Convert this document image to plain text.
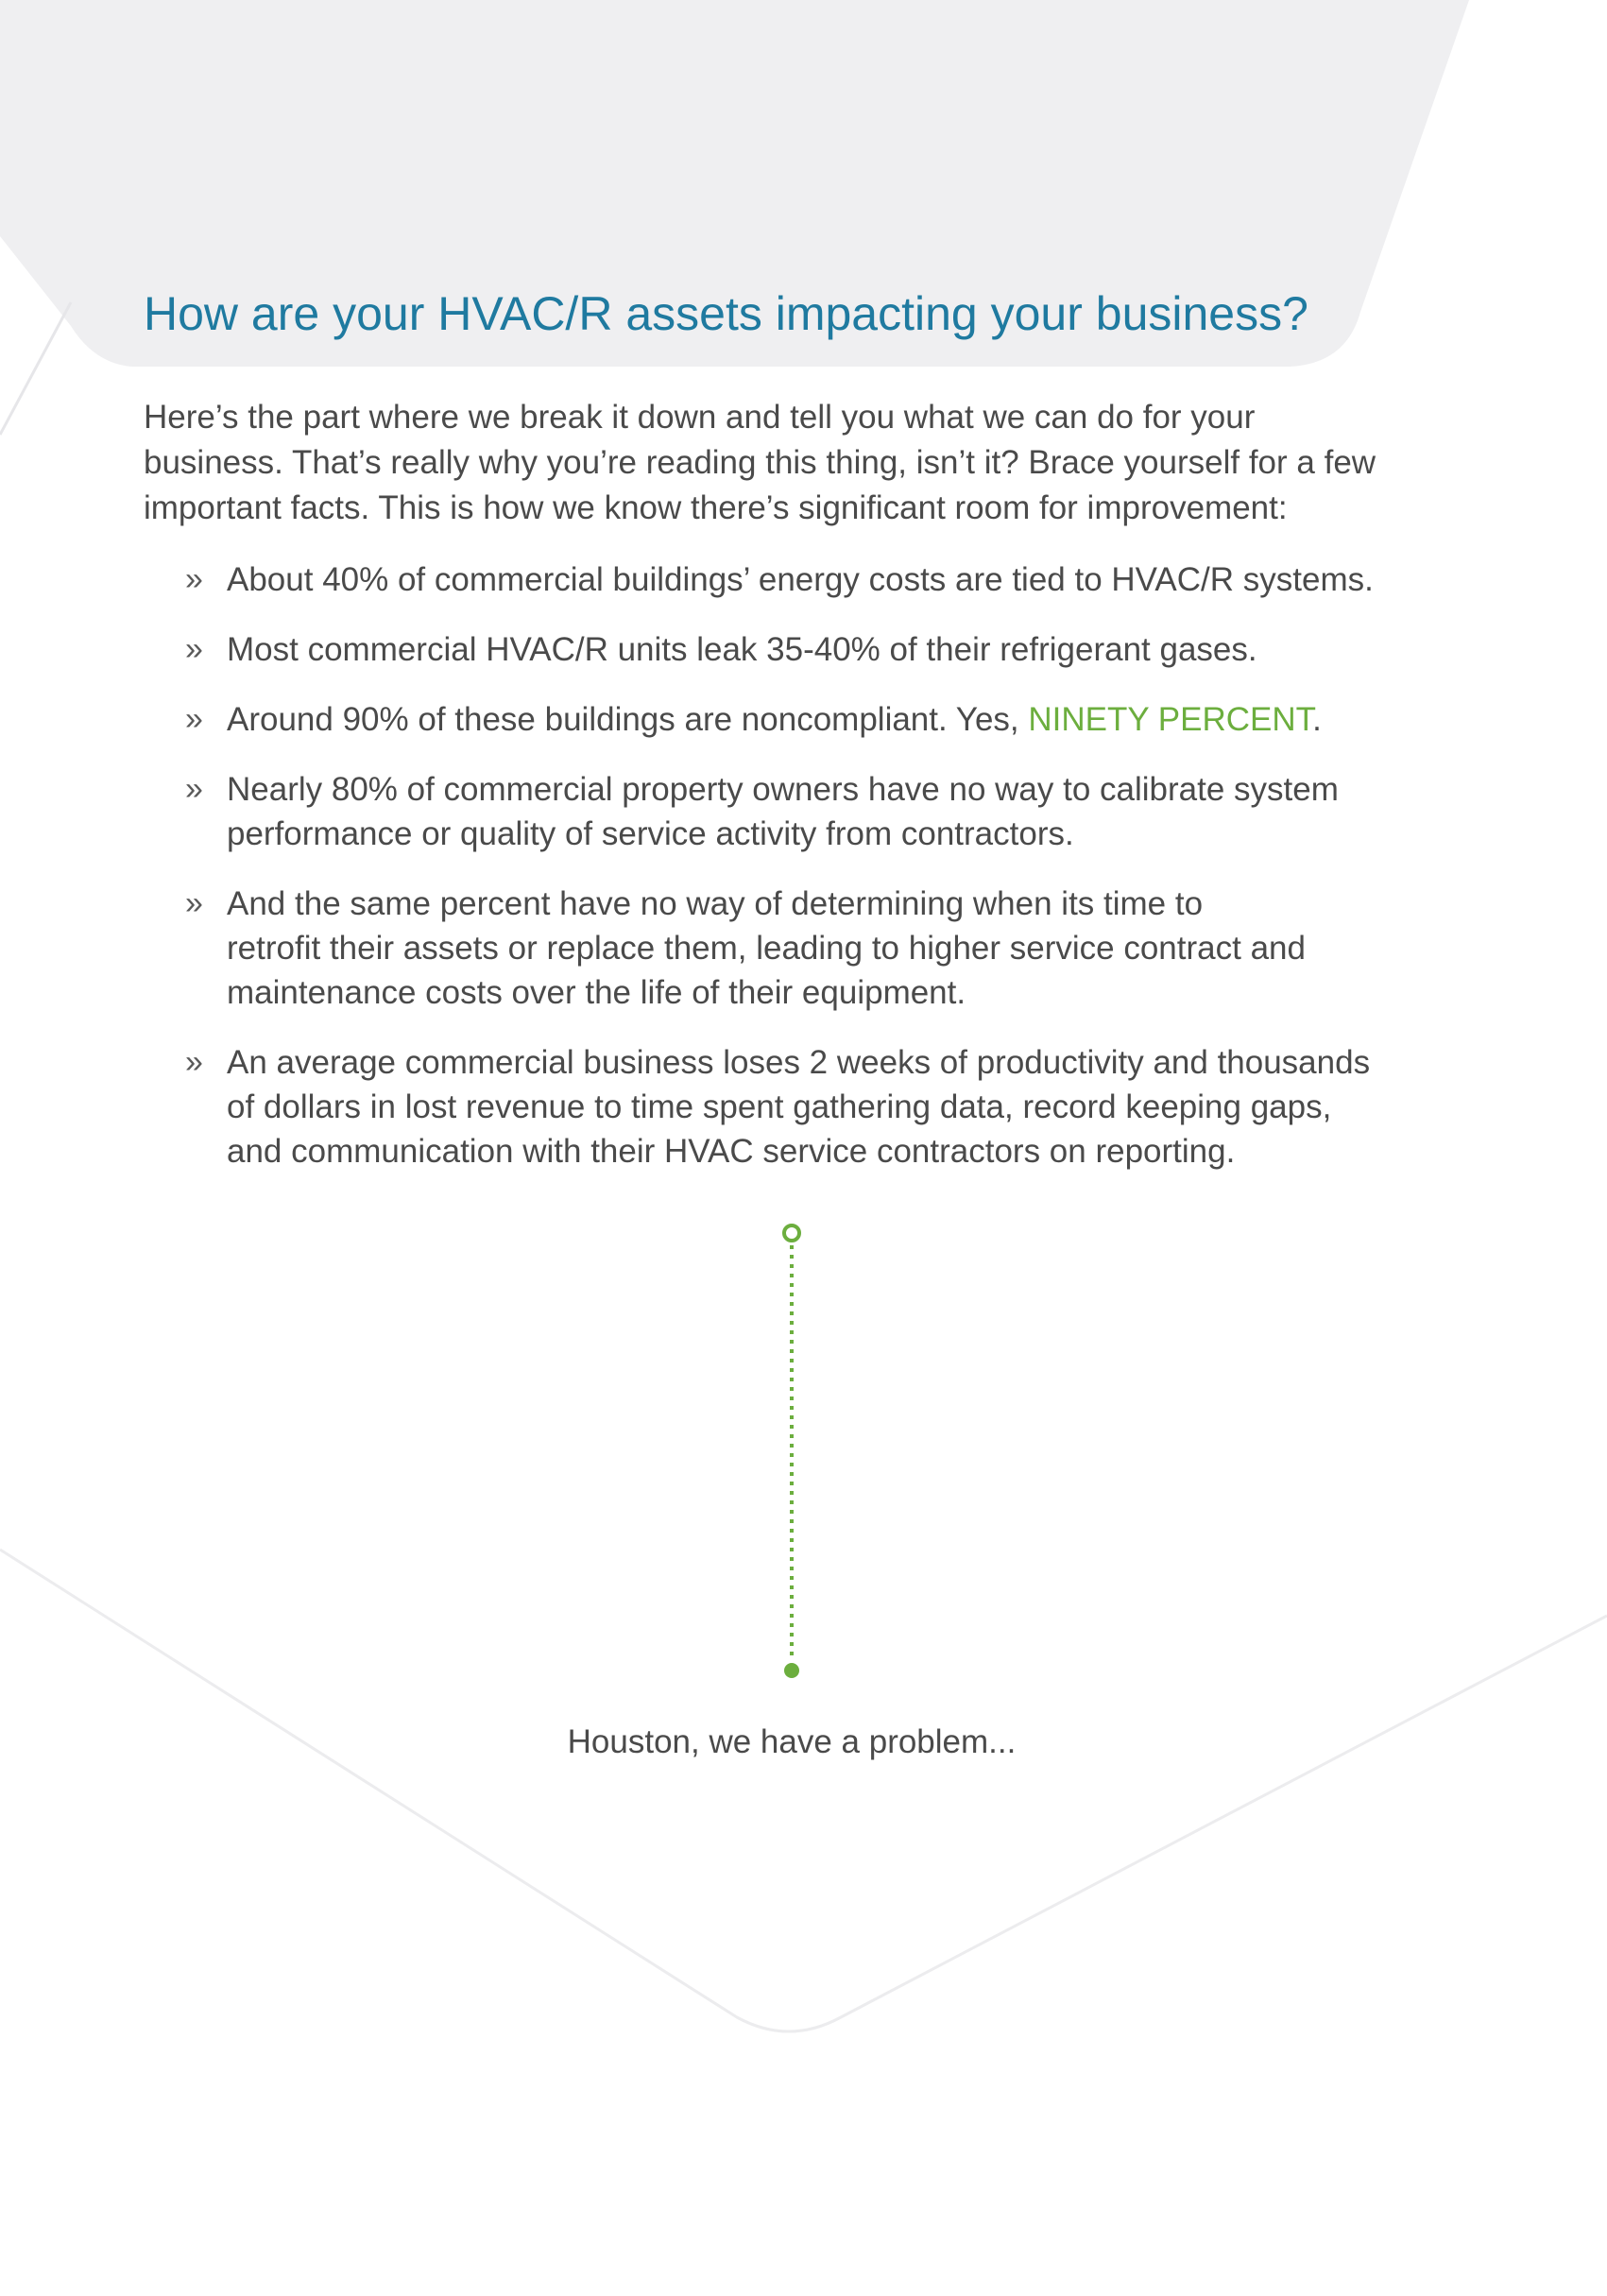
How are your HVAC/R assets impacting your business?

Here’s the part where we break it down and tell you what we can do for your
business. That’s really why you’re reading this thing, isn’t it? Brace yourself for a few
important facts. This is how we know there’s significant room for improvement:

» About 40% of commercial buildings’ energy costs are tied to HVAC/R systems.
» Most commercial HVAC/R units leak 35-40% of their refrigerant gases.
» Around 90% of these buildings are noncompliant. Yes, NINETY PERCENT.
» Nearly 80% of commercial property owners have no way to calibrate system
performance or quality of service activity from contractors.
» And the same percent have no way of determining when its time to
retrofit their assets or replace them, leading to higher service contract and
maintenance costs over the life of their equipment.
» An average commercial business loses 2 weeks of productivity and thousands
of dollars in lost revenue to time spent gathering data, record keeping gaps,
and communication with their HVAC service contractors on reporting.

Houston, we have a problem...
